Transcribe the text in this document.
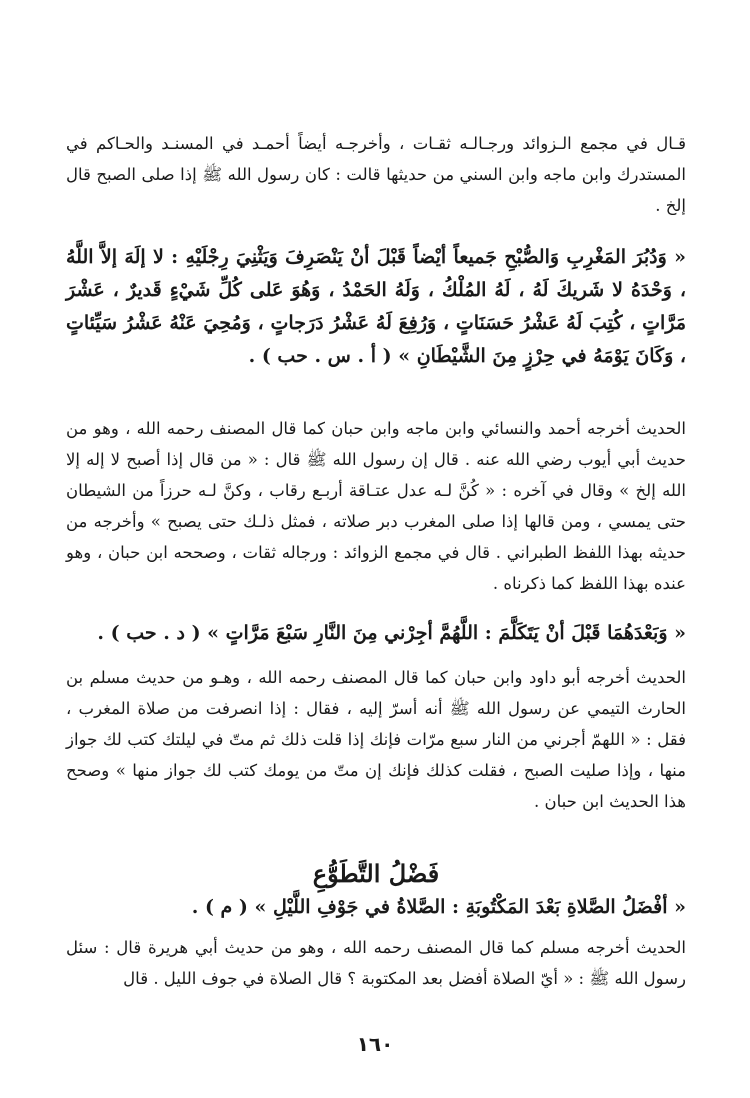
قـال في مجمع الـزوائد ورجـالـه ثقـات ، وأخرجـه أيضاً أحمـد في المسنـد والحـاكم في المستدرك وابن ماجه وابن السني من حديثها قالت : كان رسول الله ﷺ إذا صلى الصبح قال إلخ .

« وَدُبُرَ المَغْرِبِ وَالصُّبْحِ جَميعاً أيْضاً قَبْلَ أنْ يَنْصَرِفَ وَيَثْنِيَ رِجْلَيْهِ : لا إلَهَ إلاَّ اللَّهُ ، وَحْدَهُ لا شَريكَ لَهُ ، لَهُ المُلْكُ ، وَلَهُ الحَمْدُ ، وَهُوَ عَلى كُلِّ شَيْءٍ قَديرٌ ، عَشْرَ مَرَّاتٍ ، كُتِبَ لَهُ عَشْرُ حَسَنَاتٍ ، وَرُفِعَ لَهُ عَشْرُ دَرَجاتٍ ، وَمُحِيَ عَنْهُ عَشْرُ سَيِّئاتٍ ، وَكَانَ يَوْمَهُ في حِرْزٍ مِنَ الشَّيْطَانِ » ( أ . س . حب ) .

الحديث أخرجه أحمد والنسائي وابن ماجه وابن حبان كما قال المصنف رحمه الله ، وهو من حديث أبي أيوب رضي الله عنه . قال إن رسول الله ﷺ قال : « من قال إذا أصبح لا إله إلا الله إلخ » وقال في آخره : « كُنَّ لـه عدل عتـاقة أربـع رقاب ، وكنَّ لـه حرزاً من الشيطان حتى يمسي ، ومن قالها إذا صلى المغرب دبر صلاته ، فمثل ذلـك حتى يصبح » وأخرجه من حديثه بهذا اللفظ الطبراني . قال في مجمع الزوائد : ورجاله ثقات ، وصححه ابن حبان ، وهو عنده بهذا اللفظ كما ذكرناه .

« وَبَعْدَهُمَا قَبْلَ أنْ يَتَكَلَّمَ : اللَّهُمَّ أجِرْني مِنَ النَّارِ سَبْعَ مَرَّاتٍ » ( د . حب ) .

الحديث أخرجه أبو داود وابن حبان كما قال المصنف رحمه الله ، وهـو من حديث مسلم بن الحارث التيمي عن رسول الله ﷺ أنه أسرّ إليه ، فقال : إذا انصرفت من صلاة المغرب ، فقل : « اللهمّ أجرني من النار سبع مرّات فإنك إذا قلت ذلك ثم متّ في ليلتك كتب لك جواز منها ، وإذا صليت الصبح ، فقلت كذلك فإنك إن متّ من يومك كتب لك جواز منها » وصحح هذا الحديث ابن حبان .

فَضْلُ التَّطَوُّعِ

« أفْضَلُ الصَّلاةِ بَعْدَ المَكْتُوبَةِ : الصَّلاةُ في جَوْفِ اللَّيْلِ » ( م ) .

الحديث أخرجه مسلم كما قال المصنف رحمه الله ، وهو من حديث أبي هريرة قال : سئل رسول الله ﷺ : « أيّ الصلاة أفضل بعد المكتوبة ؟ قال الصلاة في جوف الليل . قال

١٦٠
